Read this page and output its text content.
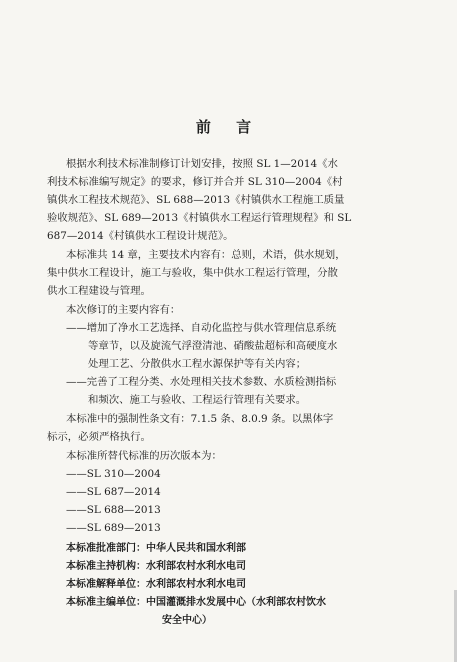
前 言
根据水利技术标准制修订计划安排，按照 SL 1—2014《水
利技术标准编写规定》的要求，修订并合并 SL 310—2004《村
镇供水工程技术规范》、SL 688—2013《村镇供水工程施工质量
验收规范》、SL 689—2013《村镇供水工程运行管理规程》和 SL
687—2014《村镇供水工程设计规范》。
本标准共 14 章，主要技术内容有：总则，术语，供水规划，
集中供水工程设计，施工与验收，集中供水工程运行管理，分散
供水工程建设与管理。
本次修订的主要内容有：
——增加了净水工艺选择、自动化监控与供水管理信息系统
等章节，以及旋流气浮澄清池、硝酸盐超标和高硬度水
处理工艺、分散供水工程水源保护等有关内容；
——完善了工程分类、水处理相关技术参数、水质检测指标
和频次、施工与验收、工程运行管理有关要求。
本标准中的强制性条文有：7.1.5 条、8.0.9 条。以黑体字
标示，必须严格执行。
本标准所替代标准的历次版本为：
——SL 310—2004
——SL 687—2014
——SL 688—2013
——SL 689—2013
本标准批准部门：中华人民共和国水利部
本标准主持机构：水利部农村水利水电司
本标准解释单位：水利部农村水利水电司
本标准主编单位：中国灌溉排水发展中心（水利部农村饮水
安全中心）
